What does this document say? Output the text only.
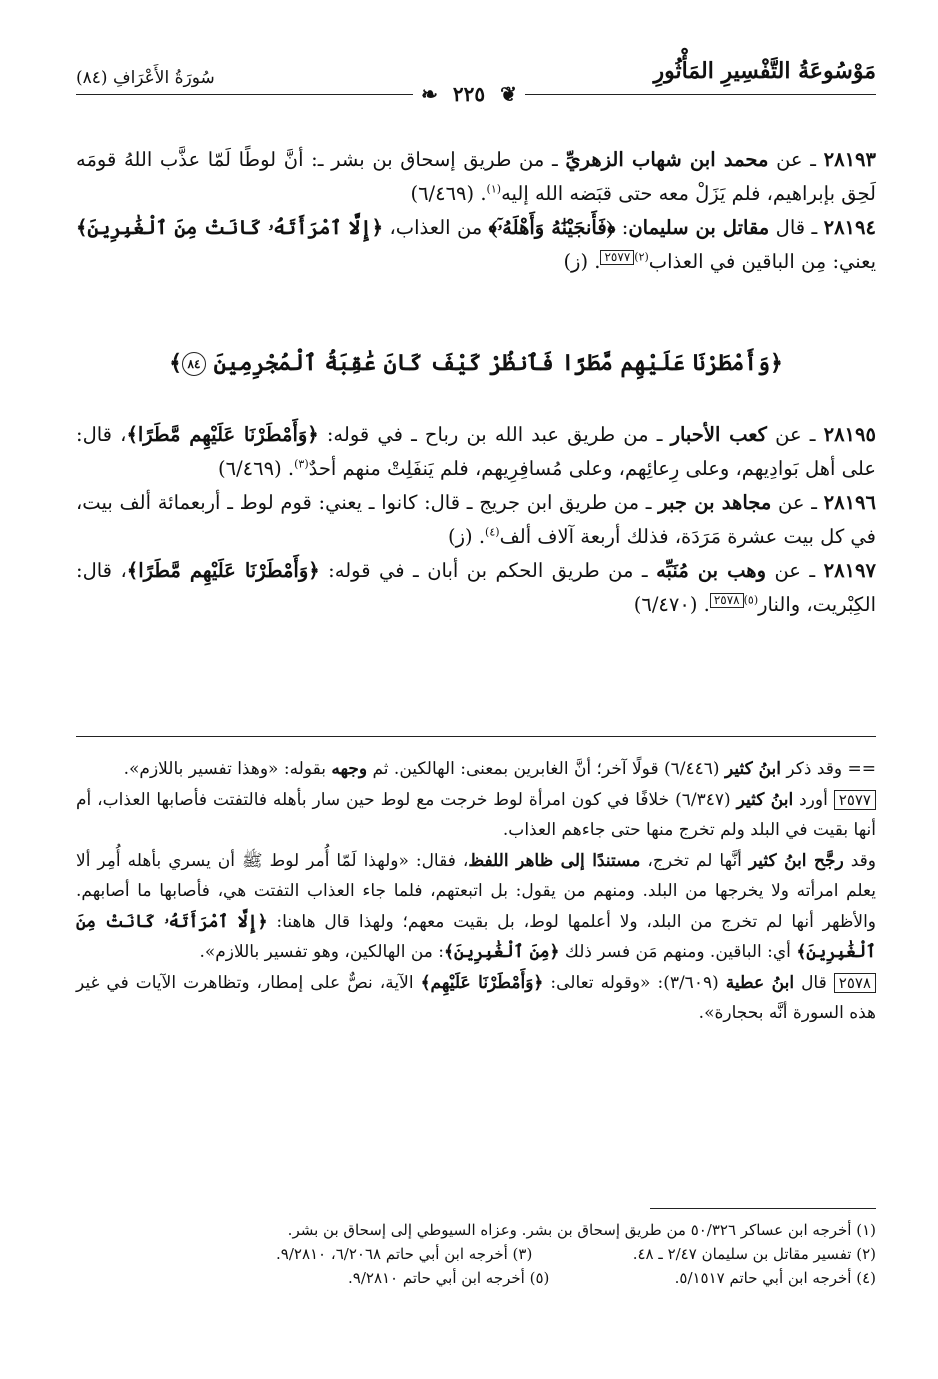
مَوْسُوعَةُ التَّفْسِيرِ المَأْثُورِ
سُورَةُ الأَعْرَافِ (٨٤)
❦ ٢٢٥ ❧

٢٨١٩٣ ـ عن محمد ابن شهاب الزهريِّ ـ من طريق إسحاق بن بشر ـ: أنَّ لوطًا لَمّا عذَّب اللهُ قومَه لَحِق بإبراهيم، فلم يَزَلْ معه حتى قبَضه الله إليه$^{(١)}$. (٦/٤٦٩)

٢٨١٩٤ ـ قال مقاتل بن سليمان: ﴿فَأَنجَيْنَٰهُ وَأَهْلَهُۥٓ﴾ من العذاب، ﴿إِلَّا ٱمْرَأَتَهُۥ كَانَتْ مِنَ ٱلْغَٰبِرِينَ﴾ يعني: مِن الباقين في العذاب$^{(٢)}$٢٥٧٧. (ز)

﴿وَأَمْطَرْنَا عَلَيْهِم مَّطَرًا فَٱنظُرْ كَيْفَ كَانَ عَٰقِبَةُ ٱلْمُجْرِمِينَ ٨٤﴾

٢٨١٩٥ ـ عن كعب الأحبار ـ من طريق عبد الله بن رباح ـ في قوله: ﴿وَأَمْطَرْنَا عَلَيْهِم مَّطَرًا﴾، قال: على أهل بَوادِيهم، وعلى رِعائِهم، وعلى مُسافِرِيهم، فلم يَنفَلِتْ منهم أحدٌ$^{(٣)}$. (٦/٤٦٩)

٢٨١٩٦ ـ عن مجاهد بن جبر ـ من طريق ابن جريج ـ قال: كانوا ـ يعني: قوم لوط ـ أربعمائة ألف بيت، في كل بيت عشرة مَرَدَة، فذلك أربعة آلاف ألف$^{(٤)}$. (ز)

٢٨١٩٧ ـ عن وهب بن مُنَبِّه ـ من طريق الحكم بن أبان ـ في قوله: ﴿وَأَمْطَرْنَا عَلَيْهِم مَّطَرًا﴾، قال: الكِبْريت، والنار$^{(٥)}$٢٥٧٨. (٦/٤٧٠)

== وقد ذكر ابنُ كثير (٦/٤٤٦) قولًا آخر؛ أنَّ الغابرين بمعنى: الهالكين. ثم وجهه بقوله: «وهذا تفسير باللازم».

٢٥٧٧ أورد ابنُ كثير (٦/٣٤٧) خلافًا في كون امرأة لوط خرجت مع لوط حين سار بأهله فالتفتت فأصابها العذاب، أم أنها بقيت في البلد ولم تخرج منها حتى جاءهم العذاب.

وقد رجَّح ابنُ كثير أنَّها لم تخرج، مستندًا إلى ظاهر اللفظ، فقال: «ولهذا لَمّا أُمر لوط ﷺ أن يسري بأهله أُمِر ألا يعلم امرأته ولا يخرجها من البلد. ومنهم من يقول: بل اتبعتهم، فلما جاء العذاب التفتت هي، فأصابها ما أصابهم. والأظهر أنها لم تخرج من البلد، ولا أعلمها لوط، بل بقيت معهم؛ ولهذا قال هاهنا: ﴿إِلَّا ٱمْرَأَتَهُۥ كَانَتْ مِنَ ٱلْغَٰبِرِينَ﴾ أي: الباقين. ومنهم مَن فسر ذلك ﴿مِنَ ٱلْغَٰبِرِينَ﴾: من الهالكين، وهو تفسير باللازم».

٢٥٧٨ قال ابنُ عطية (٣/٦٠٩): «وقوله تعالى: ﴿وَأَمْطَرْنَا عَلَيْهِم﴾ الآية، نصٌّ على إمطار، وتظاهرت الآيات في غير هذه السورة أنَّه بحجارة».

(١) أخرجه ابن عساكر ٥٠/٣٢٦ من طريق إسحاق بن بشر. وعزاه السيوطي إلى إسحاق بن بشر.
(٢) تفسير مقاتل بن سليمان ٢/٤٧ ـ ٤٨.
(٣) أخرجه ابن أبي حاتم ٦/٢٠٦٨، ٩/٢٨١٠.
(٤) أخرجه ابن أبي حاتم ٥/١٥١٧.
(٥) أخرجه ابن أبي حاتم ٩/٢٨١٠.
